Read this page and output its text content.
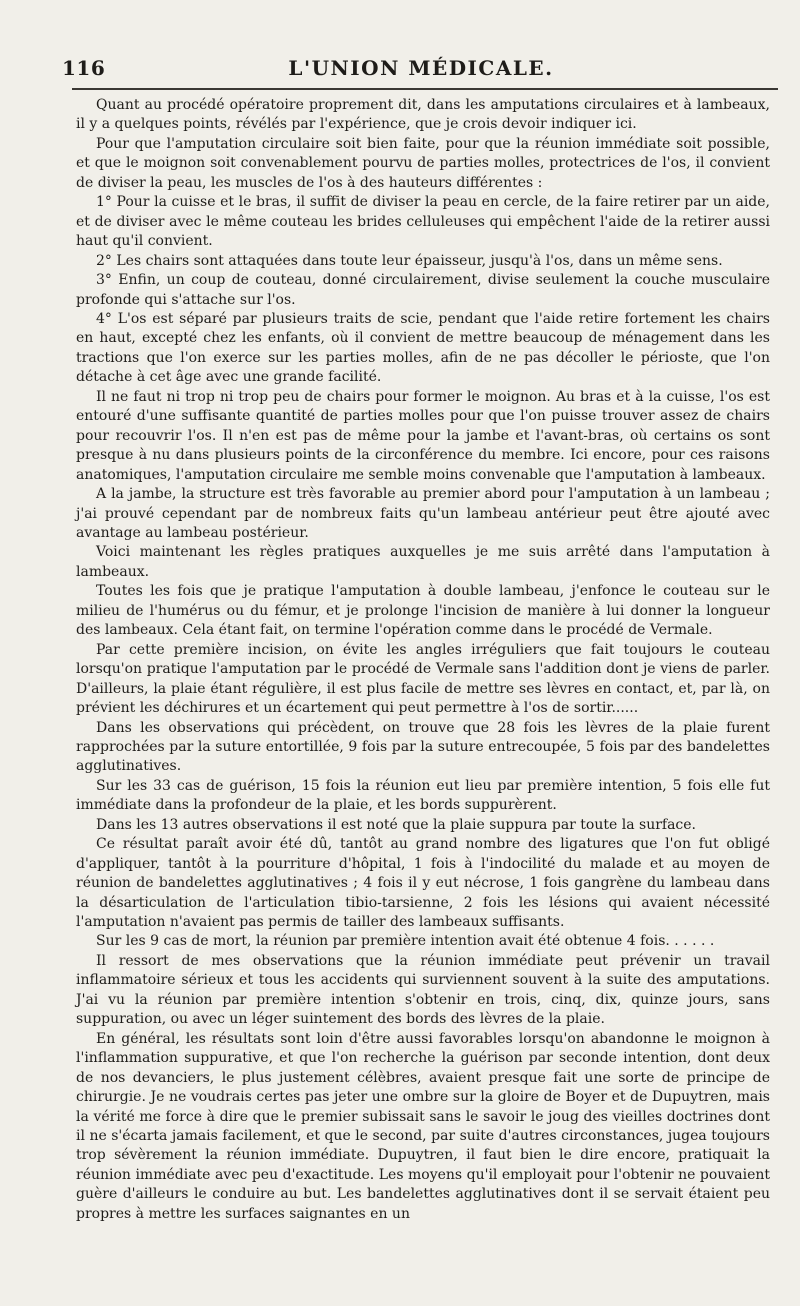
116	L'UNION MÉDICALE.

Quant au procédé opératoire proprement dit, dans les amputations circulaires et à lambeaux, il y a quelques points, révélés par l'expérience, que je crois devoir indiquer ici.

Pour que l'amputation circulaire soit bien faite, pour que la réunion immédiate soit possible, et que le moignon soit convenablement pourvu de parties molles, protectrices de l'os, il convient de diviser la peau, les muscles de l'os à des hauteurs différentes :

1° Pour la cuisse et le bras, il suffit de diviser la peau en cercle, de la faire retirer par un aide, et de diviser avec le même couteau les brides celluleuses qui empêchent l'aide de la retirer aussi haut qu'il convient.

2° Les chairs sont attaquées dans toute leur épaisseur, jusqu'à l'os, dans un même sens.

3° Enfin, un coup de couteau, donné circulairement, divise seulement la couche musculaire profonde qui s'attache sur l'os.

4° L'os est séparé par plusieurs traits de scie, pendant que l'aide retire fortement les chairs en haut, excepté chez les enfants, où il convient de mettre beaucoup de ménagement dans les tractions que l'on exerce sur les parties molles, afin de ne pas décoller le périoste, que l'on détache à cet âge avec une grande facilité.

Il ne faut ni trop ni trop peu de chairs pour former le moignon. Au bras et à la cuisse, l'os est entouré d'une suffisante quantité de parties molles pour que l'on puisse trouver assez de chairs pour recouvrir l'os. Il n'en est pas de même pour la jambe et l'avant-bras, où certains os sont presque à nu dans plusieurs points de la circonférence du membre. Ici encore, pour ces raisons anatomiques, l'amputation circulaire me semble moins convenable que l'amputation à lambeaux.

A la jambe, la structure est très favorable au premier abord pour l'amputation à un lambeau ; j'ai prouvé cependant par de nombreux faits qu'un lambeau antérieur peut être ajouté avec avantage au lambeau postérieur.

Voici maintenant les règles pratiques auxquelles je me suis arrêté dans l'amputation à lambeaux.

Toutes les fois que je pratique l'amputation à double lambeau, j'enfonce le couteau sur le milieu de l'humérus ou du fémur, et je prolonge l'incision de manière à lui donner la longueur des lambeaux. Cela étant fait, on termine l'opération comme dans le procédé de Vermale.

Par cette première incision, on évite les angles irréguliers que fait toujours le couteau lorsqu'on pratique l'amputation par le procédé de Vermale sans l'addition dont je viens de parler. D'ailleurs, la plaie étant régulière, il est plus facile de mettre ses lèvres en contact, et, par là, on prévient les déchirures et un écartement qui peut permettre à l'os de sortir......

Dans les observations qui précèdent, on trouve que 28 fois les lèvres de la plaie furent rapprochées par la suture entortillée, 9 fois par la suture entrecoupée, 5 fois par des bandelettes agglutinatives.

Sur les 33 cas de guérison, 15 fois la réunion eut lieu par première intention, 5 fois elle fut immédiate dans la profondeur de la plaie, et les bords suppurèrent.

Dans les 13 autres observations il est noté que la plaie suppura par toute la surface.

Ce résultat paraît avoir été dû, tantôt au grand nombre des ligatures que l'on fut obligé d'appliquer, tantôt à la pourriture d'hôpital, 1 fois à l'indocilité du malade et au moyen de réunion de bandelettes agglutinatives ; 4 fois il y eut nécrose, 1 fois gangrène du lambeau dans la désarticulation de l'articulation tibio-tarsienne, 2 fois les lésions qui avaient nécessité l'amputation n'avaient pas permis de tailler des lambeaux suffisants.

Sur les 9 cas de mort, la réunion par première intention avait été obtenue 4 fois. . . . . .

Il ressort de mes observations que la réunion immédiate peut prévenir un travail inflammatoire sérieux et tous les accidents qui surviennent souvent à la suite des amputations. J'ai vu la réunion par première intention s'obtenir en trois, cinq, dix, quinze jours, sans suppuration, ou avec un léger suintement des bords des lèvres de la plaie.

En général, les résultats sont loin d'être aussi favorables lorsqu'on abandonne le moignon à l'inflammation suppurative, et que l'on recherche la guérison par seconde intention, dont deux de nos devanciers, le plus justement célèbres, avaient presque fait une sorte de principe de chirurgie. Je ne voudrais certes pas jeter une ombre sur la gloire de Boyer et de Dupuytren, mais la vérité me force à dire que le premier subissait sans le savoir le joug des vieilles doctrines dont il ne s'écarta jamais facilement, et que le second, par suite d'autres circonstances, jugea toujours trop sévèrement la réunion immédiate. Dupuytren, il faut bien le dire encore, pratiquait la réunion immédiate avec peu d'exactitude. Les moyens qu'il employait pour l'obtenir ne pouvaient guère d'ailleurs le conduire au but. Les bandelettes agglutinatives dont il se servait étaient peu propres à mettre les surfaces saignantes en un
